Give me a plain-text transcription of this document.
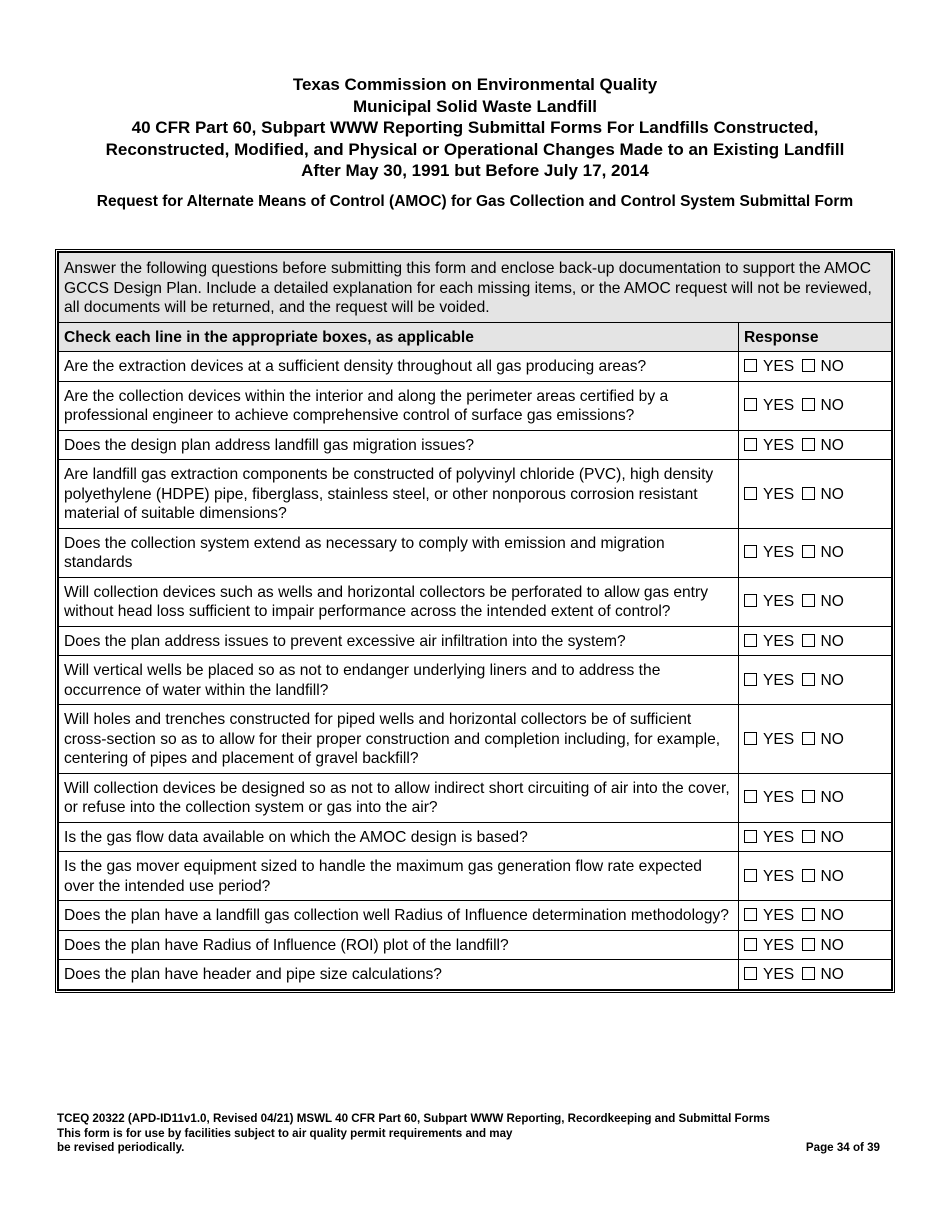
Texas Commission on Environmental Quality
Municipal Solid Waste Landfill
40 CFR Part 60, Subpart WWW Reporting Submittal Forms For Landfills Constructed,
Reconstructed, Modified, and Physical or Operational Changes Made to an Existing Landfill
After May 30, 1991 but Before July 17, 2014
Request for Alternate Means of Control (AMOC) for Gas Collection and Control System Submittal Form
Answer the following questions before submitting this form and enclose back-up documentation to support the AMOC GCCS Design Plan. Include a detailed explanation for each missing items, or the AMOC request will not be reviewed, all documents will be returned, and the request will be voided.	
Check each line in the appropriate boxes, as applicable	Response
Are the extraction devices at a sufficient density throughout all gas producing areas?	YES NO
Are the collection devices within the interior and along the perimeter areas certified by a professional engineer to achieve comprehensive control of surface gas emissions?	YES NO
Does the design plan address landfill gas migration issues?	YES NO
Are landfill gas extraction components be constructed of polyvinyl chloride (PVC), high density polyethylene (HDPE) pipe, fiberglass, stainless steel, or other nonporous corrosion resistant material of suitable dimensions?	YES NO
Does the collection system extend as necessary to comply with emission and migration standards	YES NO
Will collection devices such as wells and horizontal collectors be perforated to allow gas entry without head loss sufficient to impair performance across the intended extent of control?	YES NO
Does the plan address issues to prevent excessive air infiltration into the system?	YES NO
Will vertical wells be placed so as not to endanger underlying liners and to address the occurrence of water within the landfill?	YES NO
Will holes and trenches constructed for piped wells and horizontal collectors be of sufficient cross-section so as to allow for their proper construction and completion including, for example, centering of pipes and placement of gravel backfill?	YES NO
Will collection devices be designed so as not to allow indirect short circuiting of air into the cover, or refuse into the collection system or gas into the air?	YES NO
Is the gas flow data available on which the AMOC design is based?	YES NO
Is the gas mover equipment sized to handle the maximum gas generation flow rate expected over the intended use period?	YES NO
Does the plan have a landfill gas collection well Radius of Influence determination methodology?	YES NO
Does the plan have Radius of Influence (ROI) plot of the landfill?	YES NO
Does the plan have header and pipe size calculations?	YES NO
TCEQ 20322 (APD-ID11v1.0, Revised 04/21) MSWL 40 CFR Part 60, Subpart WWW Reporting, Recordkeeping and Submittal Forms
This form is for use by facilities subject to air quality permit requirements and may
be revised periodically.	Page 34 of 39
